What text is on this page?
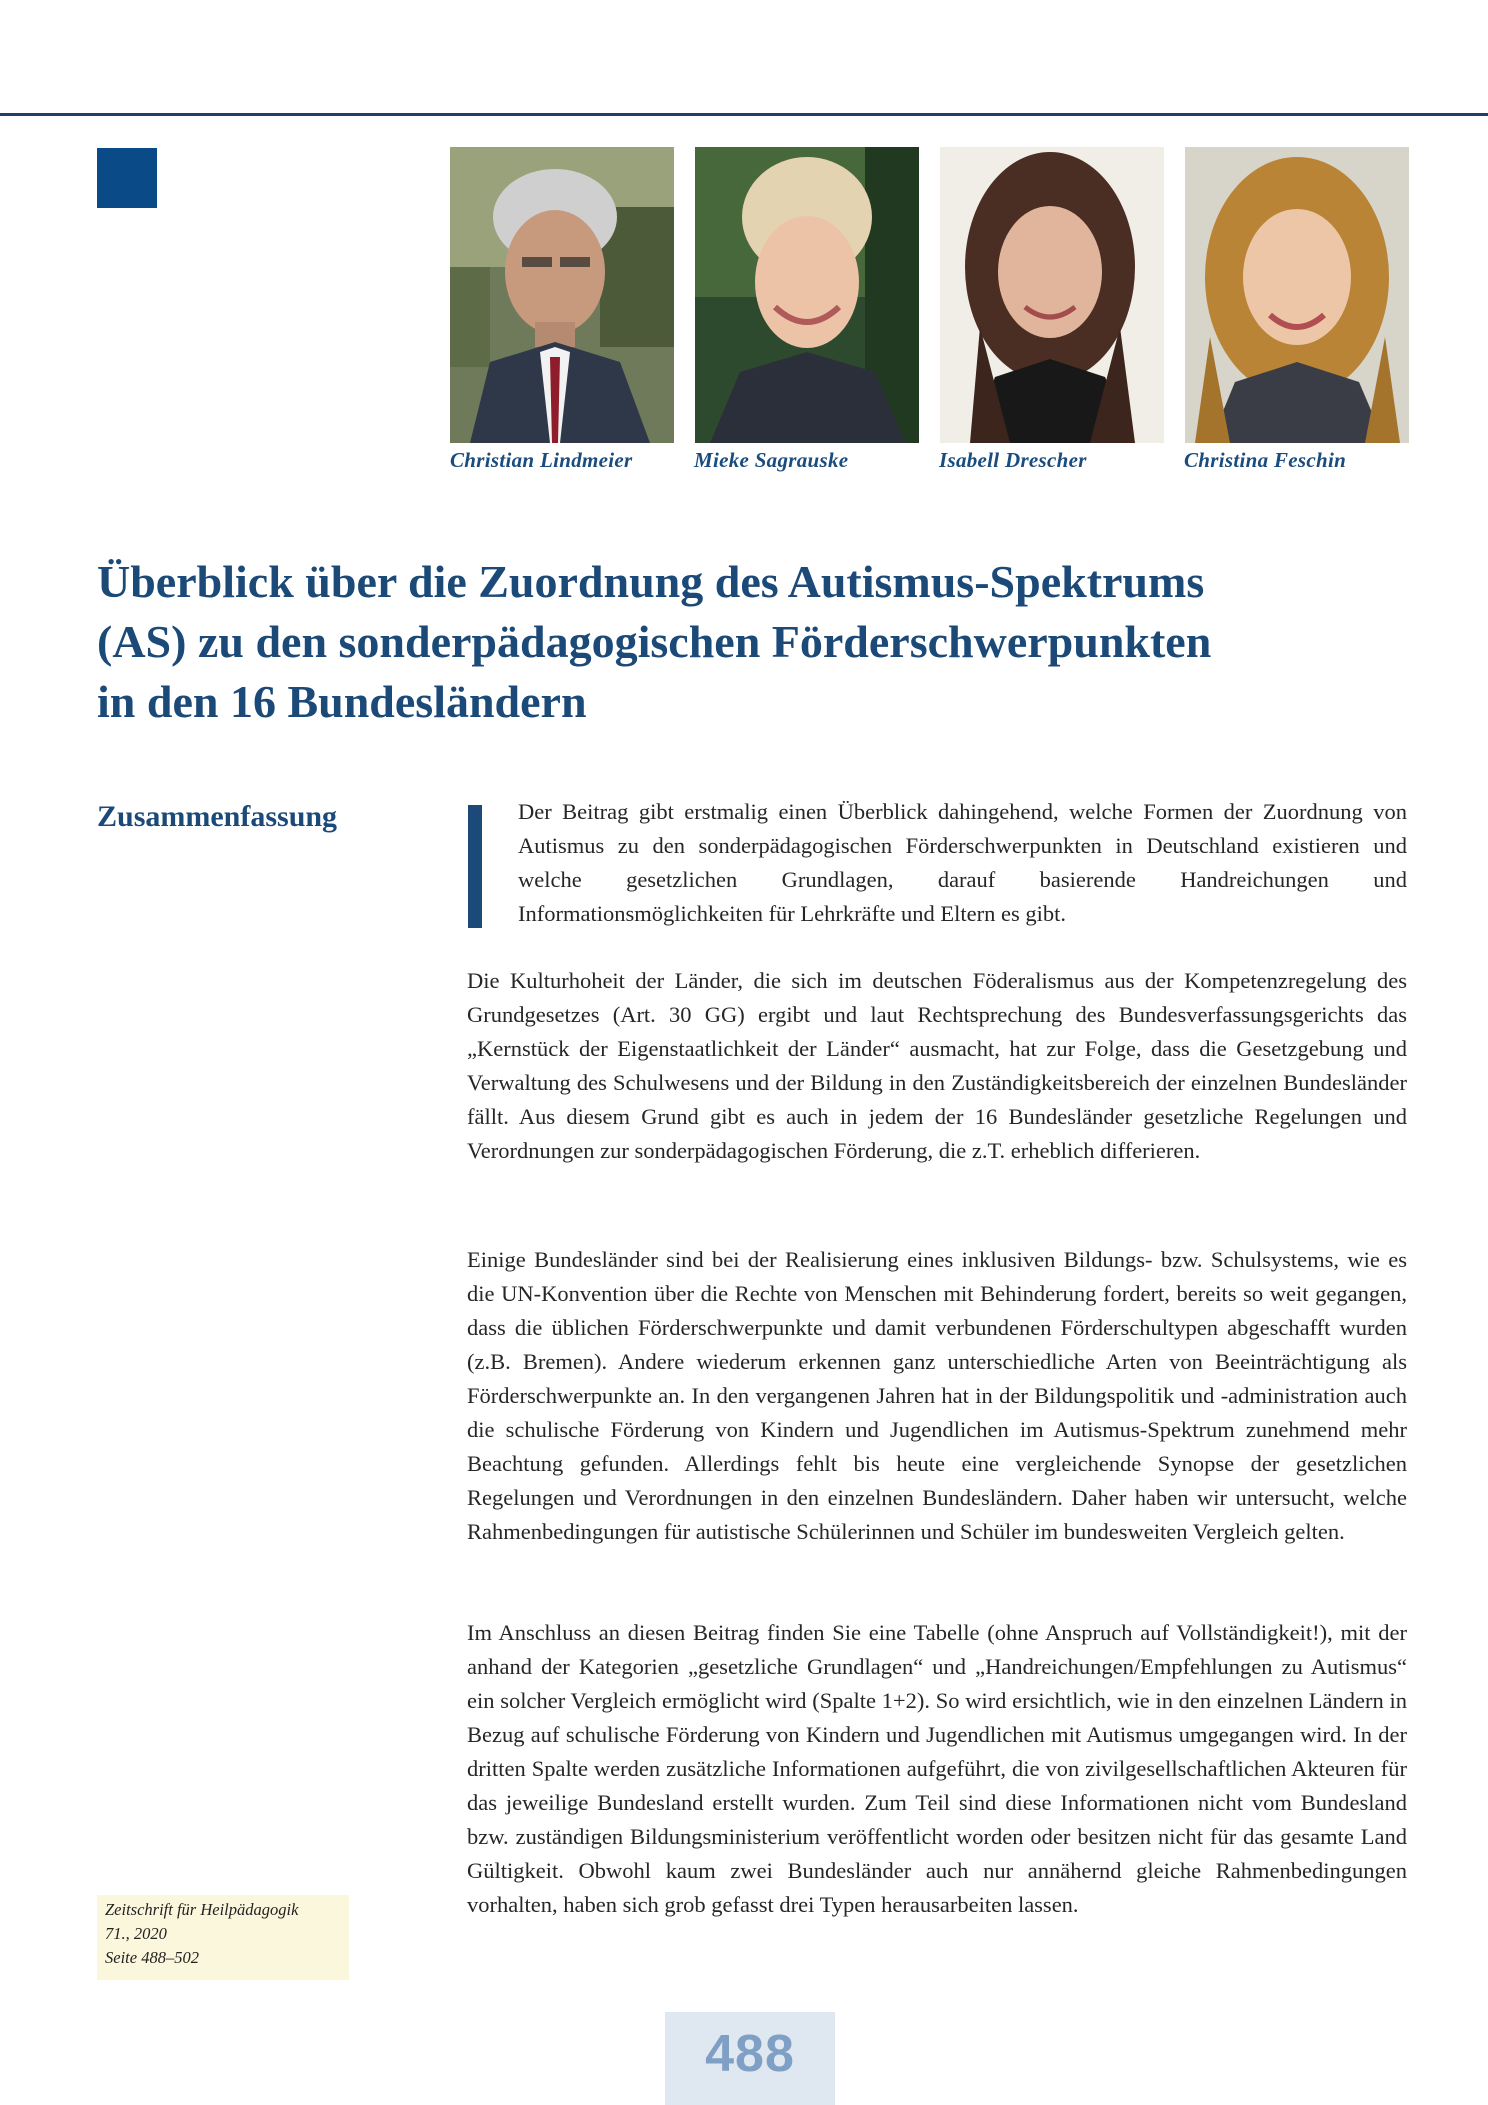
Christian Lindmeier	Mieke Sagrauske	Isabell Drescher	Christina Feschin
Überblick über die Zuordnung des Autismus-Spektrums
(AS) zu den sonderpädagogischen Förderschwerpunkten
in den 16 Bundesländern
Zusammenfassung	Der Beitrag gibt erstmalig einen Überblick dahingehend, welche Formen der Zuordnung von Autismus zu den sonderpädagogischen Förderschwerpunkten in Deutschland existieren und welche gesetzlichen Grundlagen, darauf basierende Handreichungen und Informationsmöglichkeiten für Lehrkräfte und Eltern es gibt.

Die Kulturhoheit der Länder, die sich im deutschen Föderalismus aus der Kompetenzregelung des Grundgesetzes (Art. 30 GG) ergibt und laut Rechtsprechung des Bundesverfassungsgerichts das „Kernstück der Eigenstaatlichkeit der Länder“ ausmacht, hat zur Folge, dass die Gesetzgebung und Verwaltung des Schulwesens und der Bildung in den Zuständigkeitsbereich der einzelnen Bundesländer fällt. Aus diesem Grund gibt es auch in jedem der 16 Bundesländer gesetzliche Regelungen und Verordnungen zur sonderpädagogischen Förderung, die z.T. erheblich differieren.

Einige Bundesländer sind bei der Realisierung eines inklusiven Bildungs- bzw. Schulsystems, wie es die UN-Konvention über die Rechte von Menschen mit Behinderung fordert, bereits so weit gegangen, dass die üblichen Förderschwerpunkte und damit verbundenen Förderschultypen abgeschafft wurden (z.B. Bremen). Andere wiederum erkennen ganz unterschiedliche Arten von Beeinträchtigung als Förderschwerpunkte an. In den vergangenen Jahren hat in der Bildungspolitik und -administration auch die schulische Förderung von Kindern und Jugendlichen im Autismus-Spektrum zunehmend mehr Beachtung gefunden. Allerdings fehlt bis heute eine vergleichende Synopse der gesetzlichen Regelungen und Verordnungen in den einzelnen Bundesländern. Daher haben wir untersucht, welche Rahmenbedingungen für autistische Schülerinnen und Schüler im bundesweiten Vergleich gelten.

Im Anschluss an diesen Beitrag finden Sie eine Tabelle (ohne Anspruch auf Vollständigkeit!), mit der anhand der Kategorien „gesetzliche Grundlagen“ und „Handreichungen/Empfehlungen zu Autismus“ ein solcher Vergleich ermöglicht wird (Spalte 1+2). So wird ersichtlich, wie in den einzelnen Ländern in Bezug auf schulische Förderung von Kindern und Jugendlichen mit Autismus umgegangen wird. In der dritten Spalte werden zusätzliche Informationen aufgeführt, die von zivilgesellschaftlichen Akteuren für das jeweilige Bundesland erstellt wurden. Zum Teil sind diese Informationen nicht vom Bundesland bzw. zuständigen Bildungsministerium veröffentlicht worden oder besitzen nicht für das gesamte Land Gültigkeit. Obwohl kaum zwei Bundesländer auch nur annähernd gleiche Rahmenbedingungen vorhalten, haben sich grob gefasst drei Typen herausarbeiten lassen.

Zeitschrift für Heilpädagogik
71., 2020
Seite 488–502
488
